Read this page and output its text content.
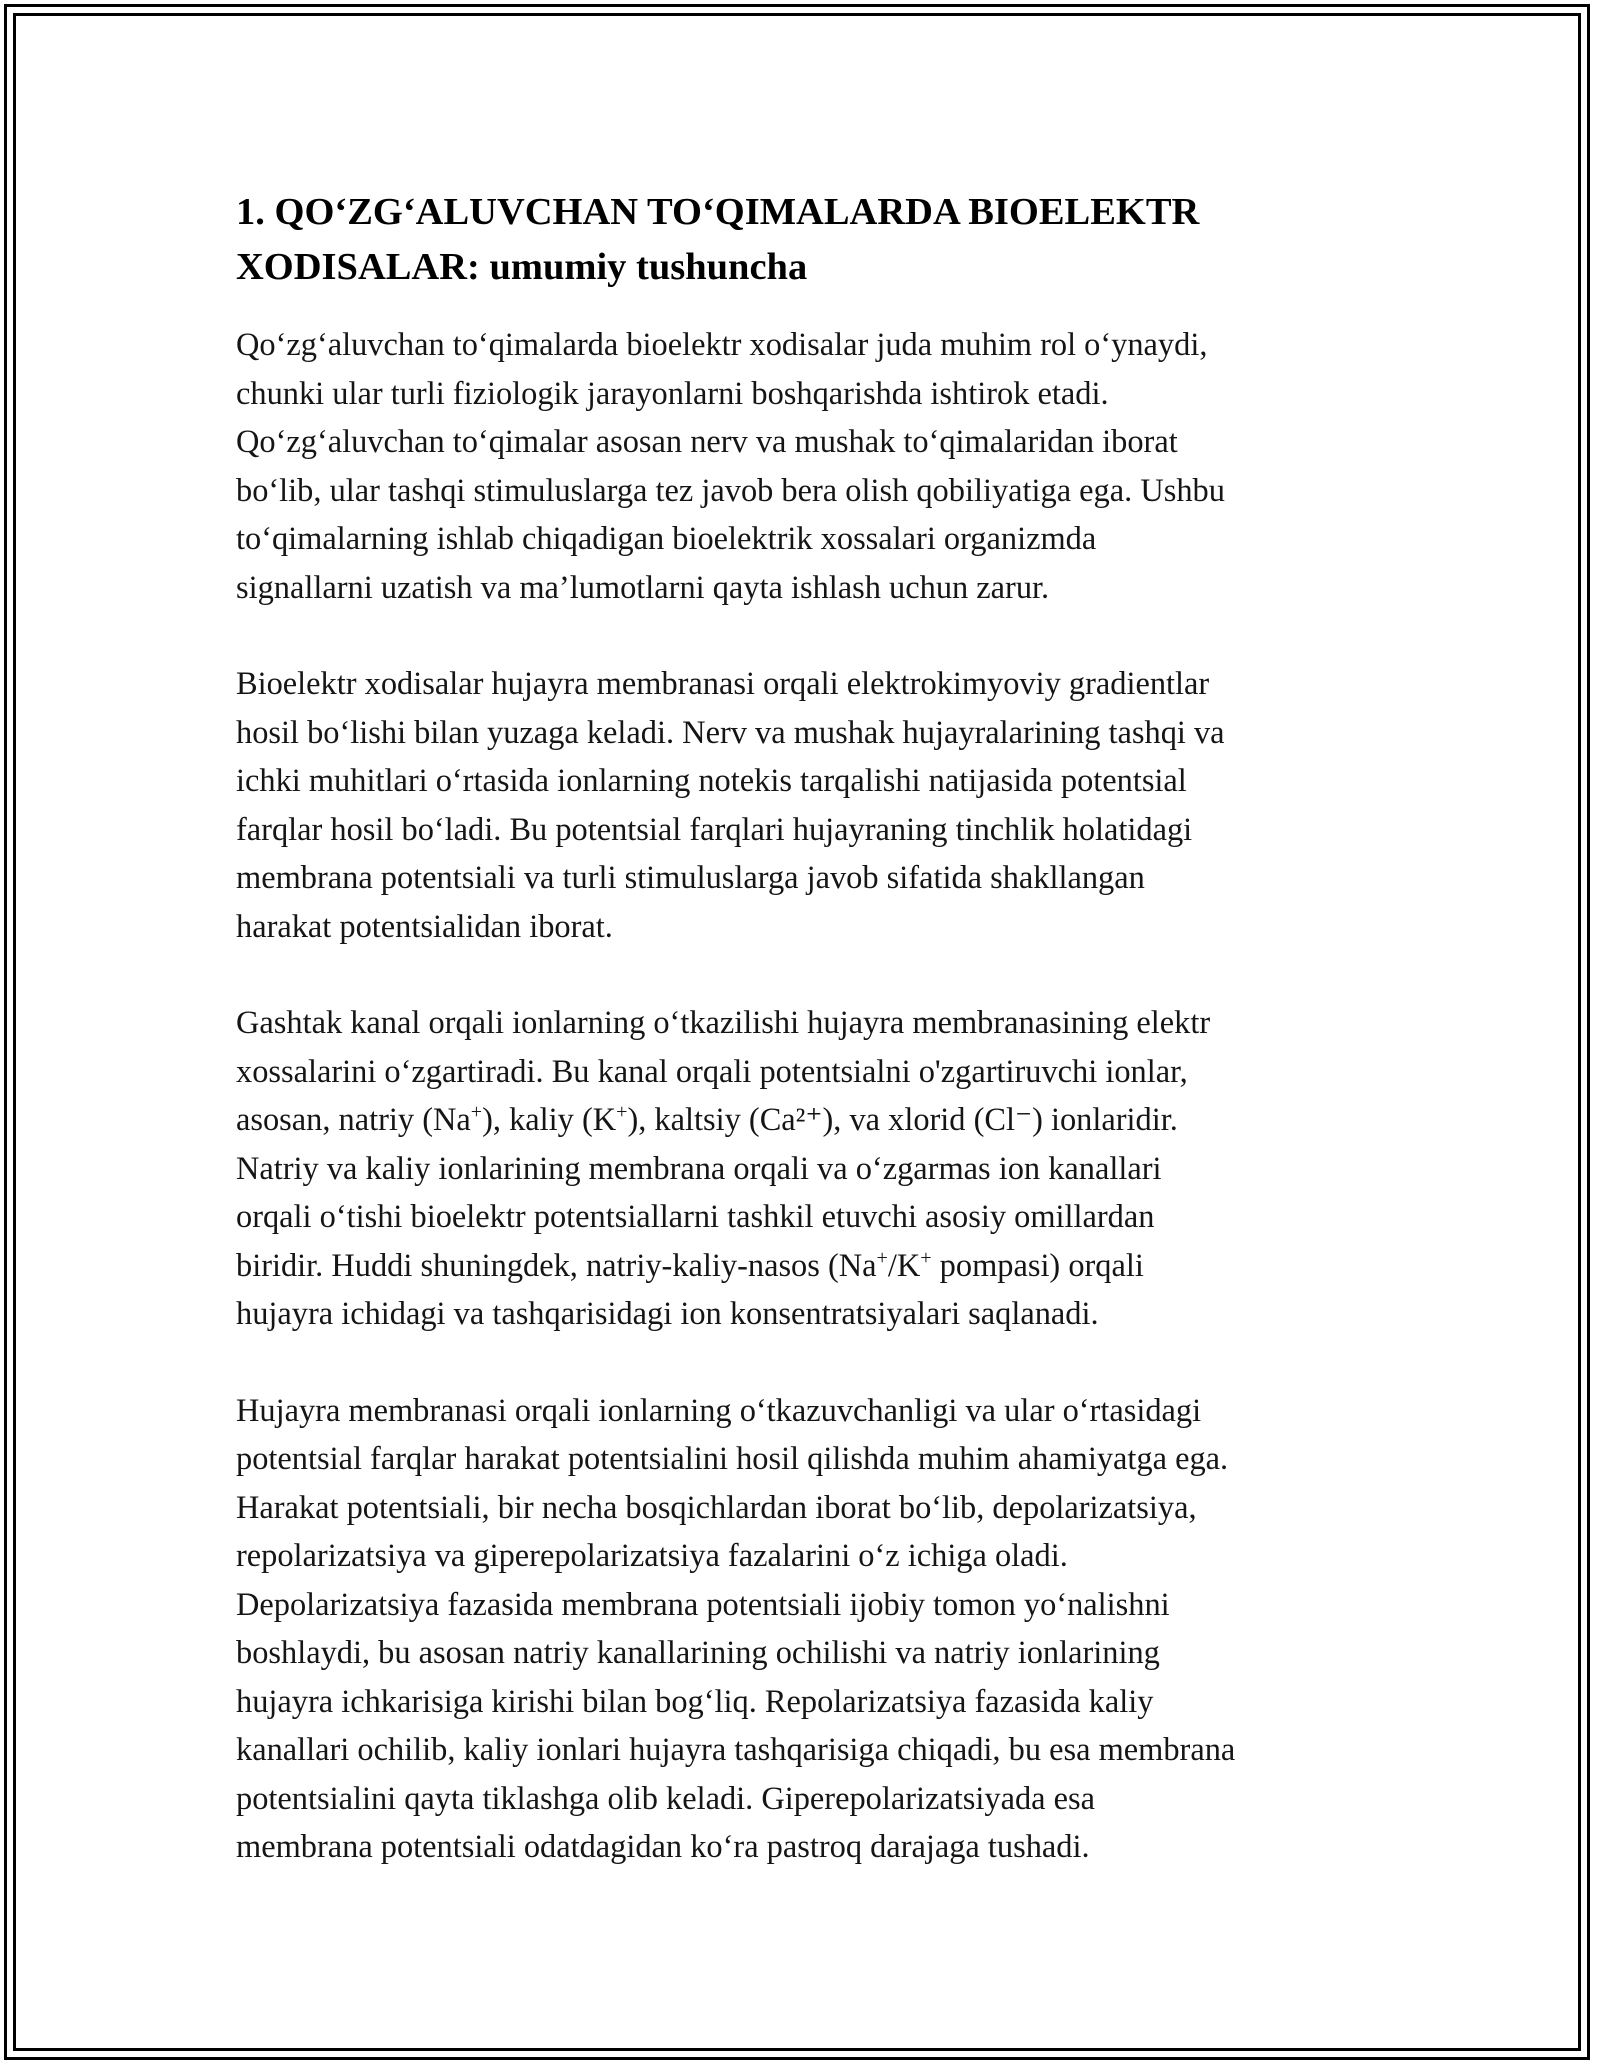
1. QO‘ZG‘ALUVCHAN TO‘QIMALARDA BIOELEKTR
XODISALAR: umumiy tushuncha

Qo‘zg‘aluvchan to‘qimalarda bioelektr xodisalar juda muhim rol o‘ynaydi,
chunki ular turli fiziologik jarayonlarni boshqarishda ishtirok etadi.
Qo‘zg‘aluvchan to‘qimalar asosan nerv va mushak to‘qimalaridan iborat
bo‘lib, ular tashqi stimuluslarga tez javob bera olish qobiliyatiga ega. Ushbu
to‘qimalarning ishlab chiqadigan bioelektrik xossalari organizmda
signallarni uzatish va ma’lumotlarni qayta ishlash uchun zarur.

Bioelektr xodisalar hujayra membranasi orqali elektrokimyoviy gradientlar
hosil bo‘lishi bilan yuzaga keladi. Nerv va mushak hujayralarining tashqi va
ichki muhitlari o‘rtasida ionlarning notekis tarqalishi natijasida potentsial
farqlar hosil bo‘ladi. Bu potentsial farqlari hujayraning tinchlik holatidagi
membrana potentsiali va turli stimuluslarga javob sifatida shakllangan
harakat potentsialidan iborat.

Gashtak kanal orqali ionlarning o‘tkazilishi hujayra membranasining elektr
xossalarini o‘zgartiradi. Bu kanal orqali potentsialni o'zgartiruvchi ionlar,
asosan, natriy (Na+), kaliy (K+), kaltsiy (Ca²⁺), va xlorid (Cl⁻) ionlaridir.
Natriy va kaliy ionlarining membrana orqali va o‘zgarmas ion kanallari
orqali o‘tishi bioelektr potentsiallarni tashkil etuvchi asosiy omillardan
biridir. Huddi shuningdek, natriy-kaliy-nasos (Na+/K+ pompasi) orqali
hujayra ichidagi va tashqarisidagi ion konsentratsiyalari saqlanadi.

Hujayra membranasi orqali ionlarning o‘tkazuvchanligi va ular o‘rtasidagi
potentsial farqlar harakat potentsialini hosil qilishda muhim ahamiyatga ega.
Harakat potentsiali, bir necha bosqichlardan iborat bo‘lib, depolarizatsiya,
repolarizatsiya va giperepolarizatsiya fazalarini o‘z ichiga oladi.
Depolarizatsiya fazasida membrana potentsiali ijobiy tomon yo‘nalishni
boshlaydi, bu asosan natriy kanallarining ochilishi va natriy ionlarining
hujayra ichkarisiga kirishi bilan bog‘liq. Repolarizatsiya fazasida kaliy
kanallari ochilib, kaliy ionlari hujayra tashqarisiga chiqadi, bu esa membrana
potentsialini qayta tiklashga olib keladi. Giperepolarizatsiyada esa
membrana potentsiali odatdagidan ko‘ra pastroq darajaga tushadi.
